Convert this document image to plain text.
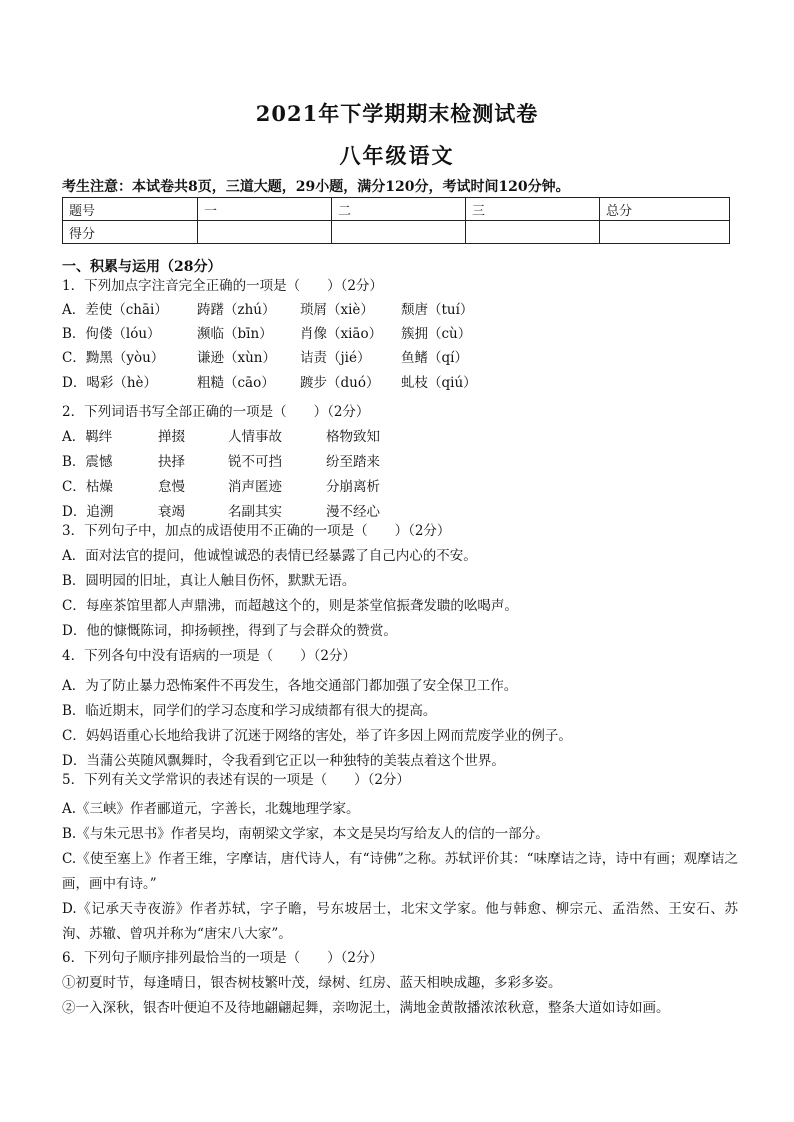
2021年下学期期末检测试卷
八年级语文
考生注意：本试卷共8页，三道大题，29小题，满分120分，考试时间120分钟。
题号	一	二	三	总分
得分				
一、积累与运用（28分）
1．下列加点字注音完全正确的一项是（　　）（2分）
A．差使（chāi） 踌躇（zhú） 琐屑（xiè） 颓唐（tuí）
B．佝偻（lóu）	濒临（bīn） 肖像（xiāo） 簇拥（cù）
C．黝黑（yòu） 谦逊（xùn） 诘责（jié） 鱼鳍（qí）
D．喝彩（hè）	粗糙（cāo） 踱步（duó） 虬枝（qiú）
2．下列词语书写全部正确的一项是（　　）（2分）
A．羁绊	掸掇	人情事故	格物致知
B．震憾	抉择	锐不可挡	纷至踏来
C．枯燥	怠慢	消声匿迹	分崩离析
D．追溯	衰竭	名副其实	漫不经心
3．下列句子中，加点的成语使用不正确的一项是（　　）（2分）
A．面对法官的提问，他诚惶诚恐的表情已经暴露了自己内心的不安。
B．圆明园的旧址，真让人触目伤怀，默默无语。
C．每座茶馆里都人声鼎沸，而超越这个的，则是茶堂倌振聋发聩的吆喝声。
D．他的慷慨陈词，抑扬顿挫，得到了与会群众的赞赏。
4．下列各句中没有语病的一项是（　　）（2分）
A．为了防止暴力恐怖案件不再发生，各地交通部门都加强了安全保卫工作。
B．临近期末，同学们的学习态度和学习成绩都有很大的提高。
C．妈妈语重心长地给我讲了沉迷于网络的害处，举了许多因上网而荒废学业的例子。
D．当蒲公英随风飘舞时，令我看到它正以一种独特的美装点着这个世界。
5．下列有关文学常识的表述有误的一项是（　　）（2分）
A.《三峡》作者郦道元，字善长，北魏地理学家。
B.《与朱元思书》作者吴均，南朝梁文学家，本文是吴均写给友人的信的一部分。
C.《使至塞上》作者王维，字摩诘，唐代诗人，有“诗佛”之称。苏轼评价其：“味摩诘之诗，诗中有画；观摩诘之画，画中有诗。”
D.《记承天寺夜游》作者苏轼，字子瞻，号东坡居士，北宋文学家。他与韩愈、柳宗元、孟浩然、王安石、苏洵、苏辙、曾巩并称为“唐宋八大家”。
6．下列句子顺序排列最恰当的一项是（　　）（2分）
①初夏时节，每逢晴日，银杏树枝繁叶茂，绿树、红房、蓝天相映成趣，多彩多姿。
②一入深秋，银杏叶便迫不及待地翩翩起舞，亲吻泥土，满地金黄散播浓浓秋意，整条大道如诗如画。
